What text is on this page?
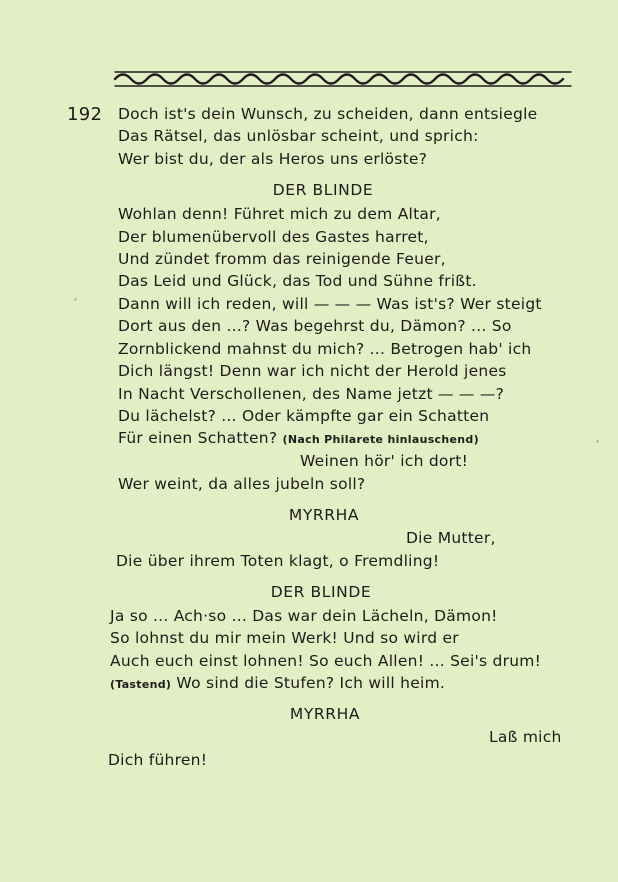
192 Doch ist's dein Wunsch, zu scheiden, dann entsiegle
Das Rätsel, das unlösbar scheint, und sprich:
Wer bist du, der als Heros uns erlöste?
DER BLINDE
Wohlan denn! Führet mich zu dem Altar,
Der blumenübervoll des Gastes harret,
Und zündet fromm das reinigende Feuer,
Das Leid und Glück, das Tod und Sühne frißt.
Dann will ich reden, will — — — Was ist's? Wer steigt
Dort aus den ...? Was begehrst du, Dämon? ... So
Zornblickend mahnst du mich? ... Betrogen hab' ich
Dich längst! Denn war ich nicht der Herold jenes
In Nacht Verschollenen, des Name jetzt — — —?
Du lächelst? ... Oder kämpfte gar ein Schatten
Für einen Schatten? (Nach Philarete hinlauschend)
Weinen hör' ich dort!
Wer weint, da alles jubeln soll?
MYRRHA
Die Mutter,
Die über ihrem Toten klagt, o Fremdling!
DER BLINDE
Ja so ... Ach·so ... Das war dein Lächeln, Dämon!
So lohnst du mir mein Werk! Und so wird er
Auch euch einst lohnen! So euch Allen! ... Sei's drum!
(Tastend) Wo sind die Stufen? Ich will heim.
MYRRHA
Laß mich
Dich führen!
